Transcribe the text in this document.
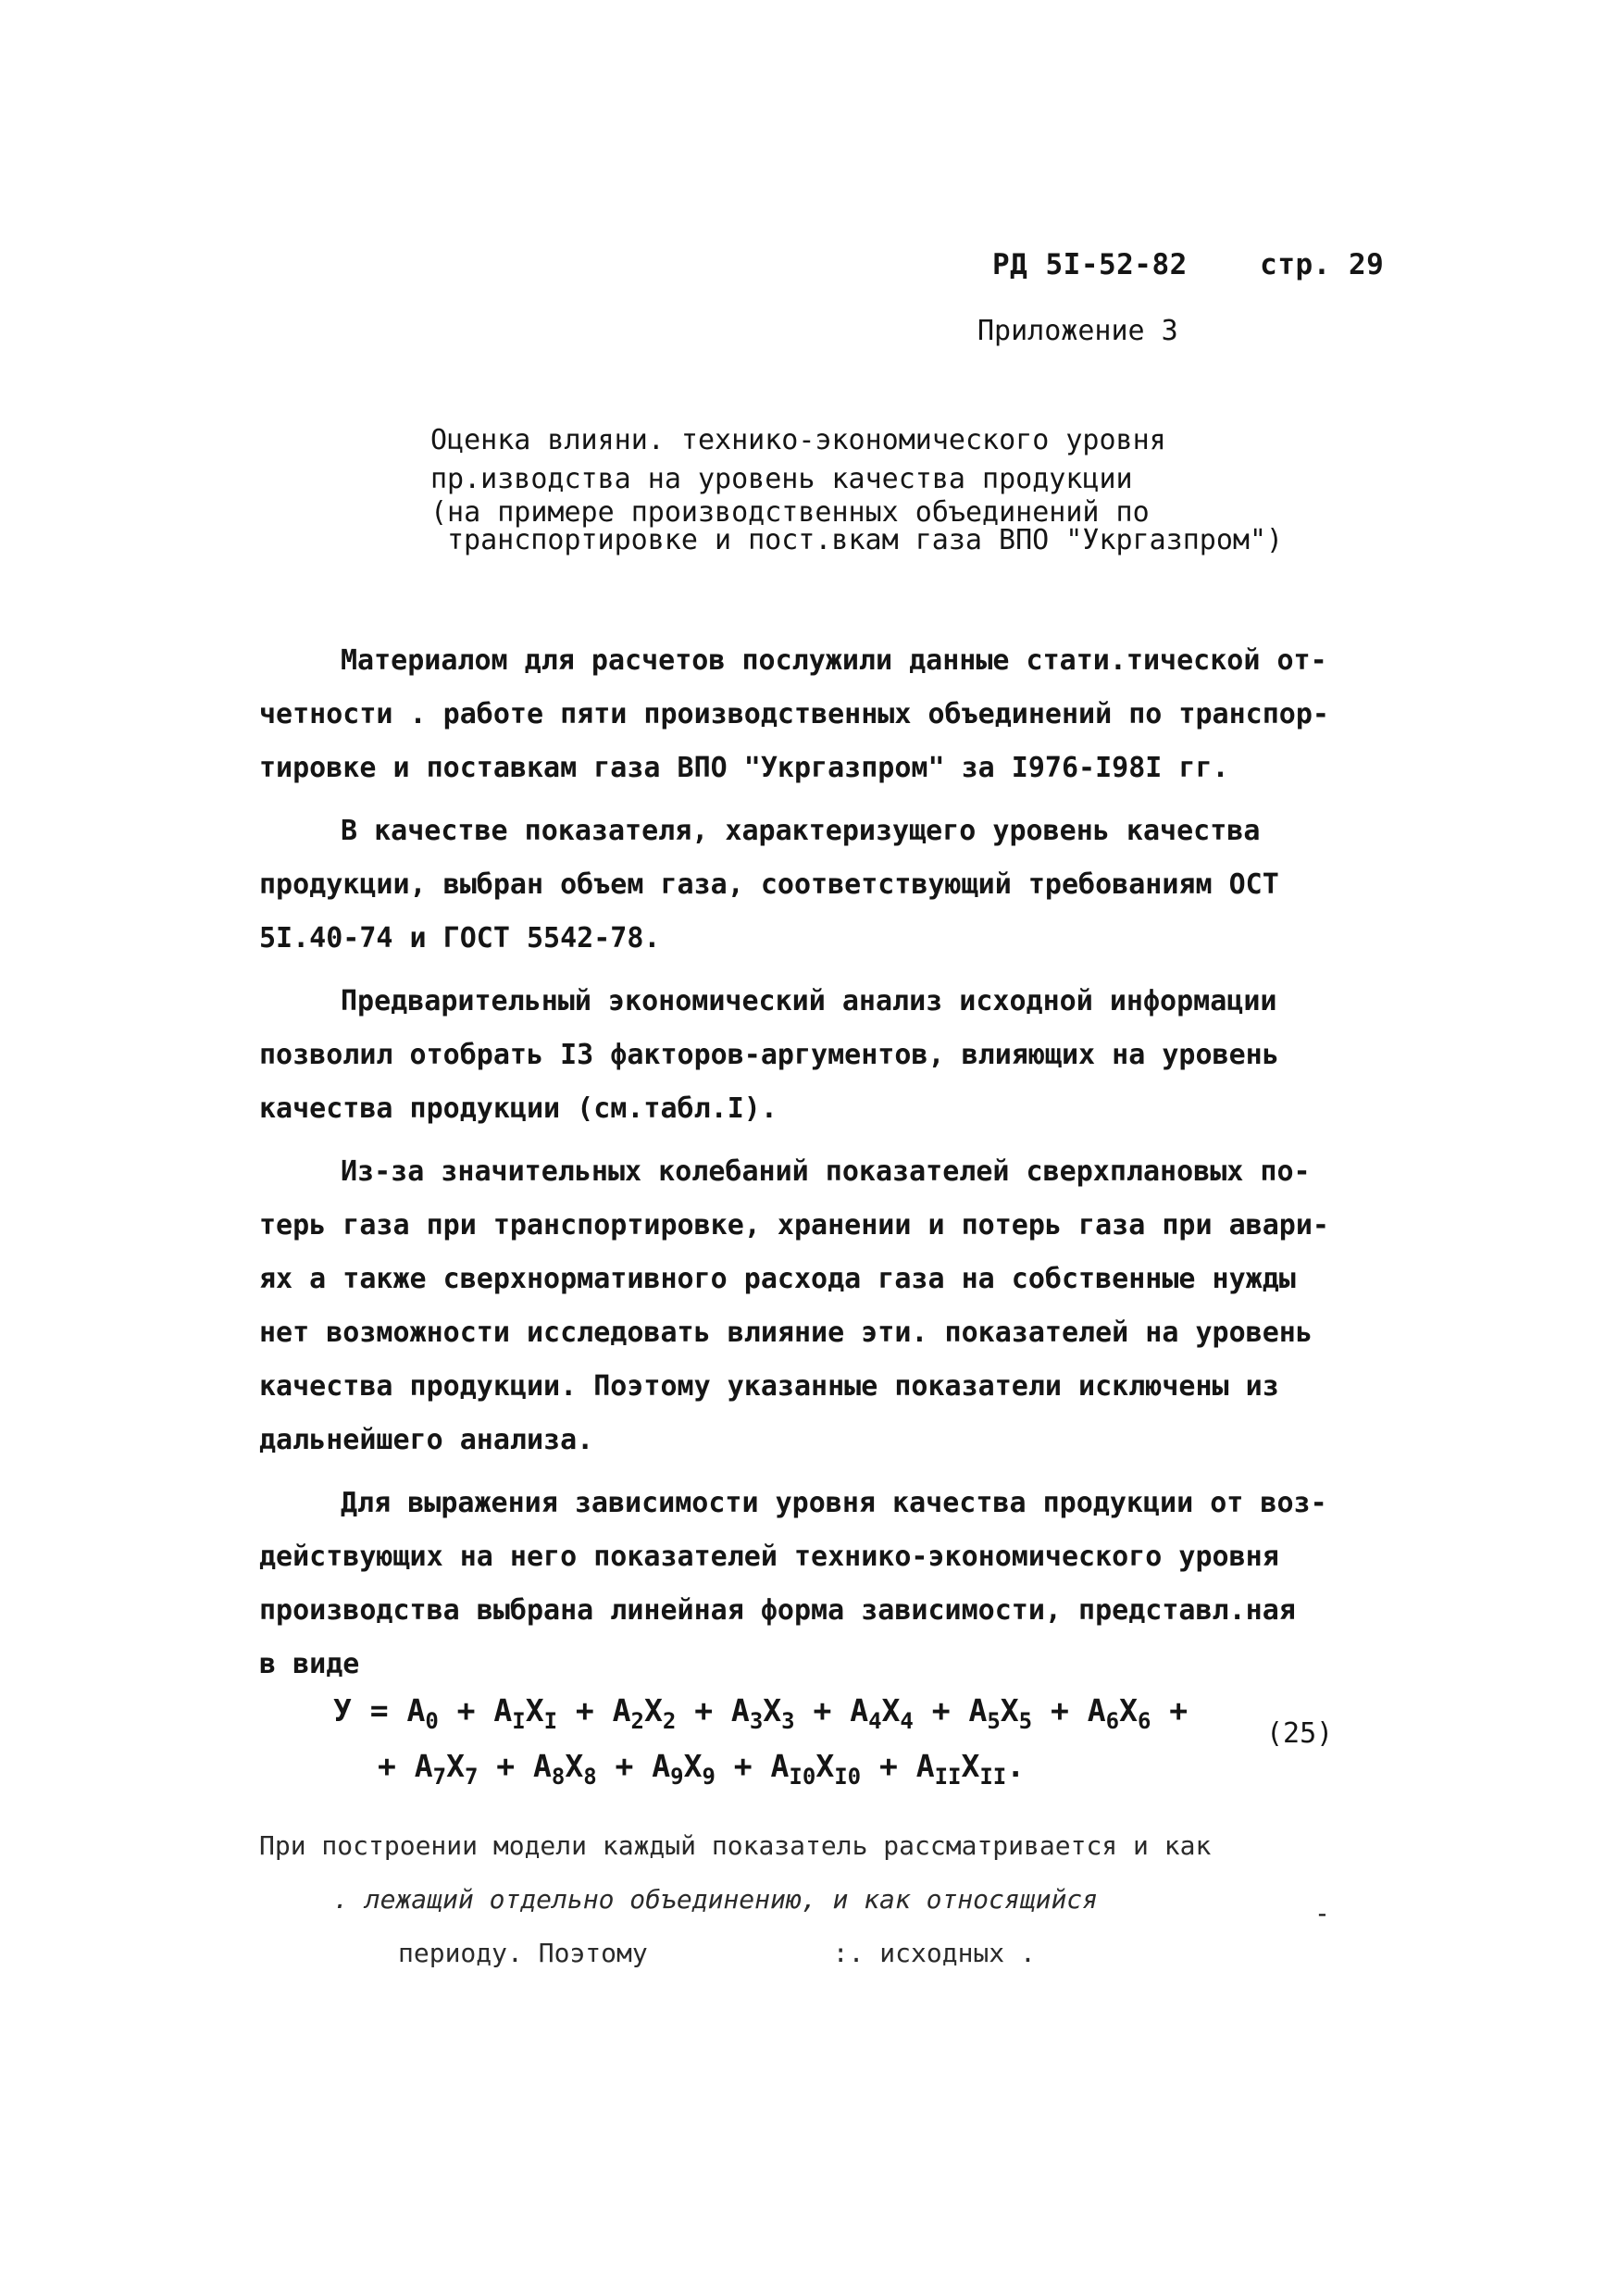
РД 5I-52-82	стр. 29
Приложение 3
Оценка влияни. технико-экономического уровня
пр.изводства на уровень качества продукции
(на примере производственных объединений по
транспортировке и пост.вкам газа ВПО "Укргазпром")
Материалом для расчетов послужили данные стати.тической от-
четности . работе пяти производственных объединений по транспор-
тировке и поставкам газа ВПО "Укргазпром" за I976-I98I гг.
В качестве показателя, характеризущего уровень качества
продукции, выбран объем газа, соответствующий требованиям ОСТ
5I.40-74 и ГОСТ 5542-78.
Предварительный экономический анализ исходной информации
позволил отобрать I3 факторов-аргументов, влияющих на уровень
качества продукции (см.табл.I).
Из-за значительных колебаний показателей сверхплановых по-
терь газа при транспортировке, хранении и потерь газа при авари-
ях а также сверхнормативного расхода газа на собственные нужды
нет возможности исследовать влияние эти. показателей на уровень
качества продукции. Поэтому указанные показатели исключены из
дальнейшего анализа.
Для выражения зависимости уровня качества продукции от воз-
действующих на него показателей технико-экономического уровня
производства выбрана линейная форма зависимости, представл.ная
в виде
$У = A_0 + A_IX_I + A_2X_2 + A_3X_3 + A_4X_4 + A_5X_5 + A_6X_6$ +
+ $A_7X_7 + A_8X_8 + A_9X_9 + A_{I0}X_{I0} + A_{II}X_{II}$.
(25)
При построении модели каждый показатель рассматривается и как
. лежащий отдельно объединению, и как относящийся
периоду. Поэтому	:. исходных .
-
